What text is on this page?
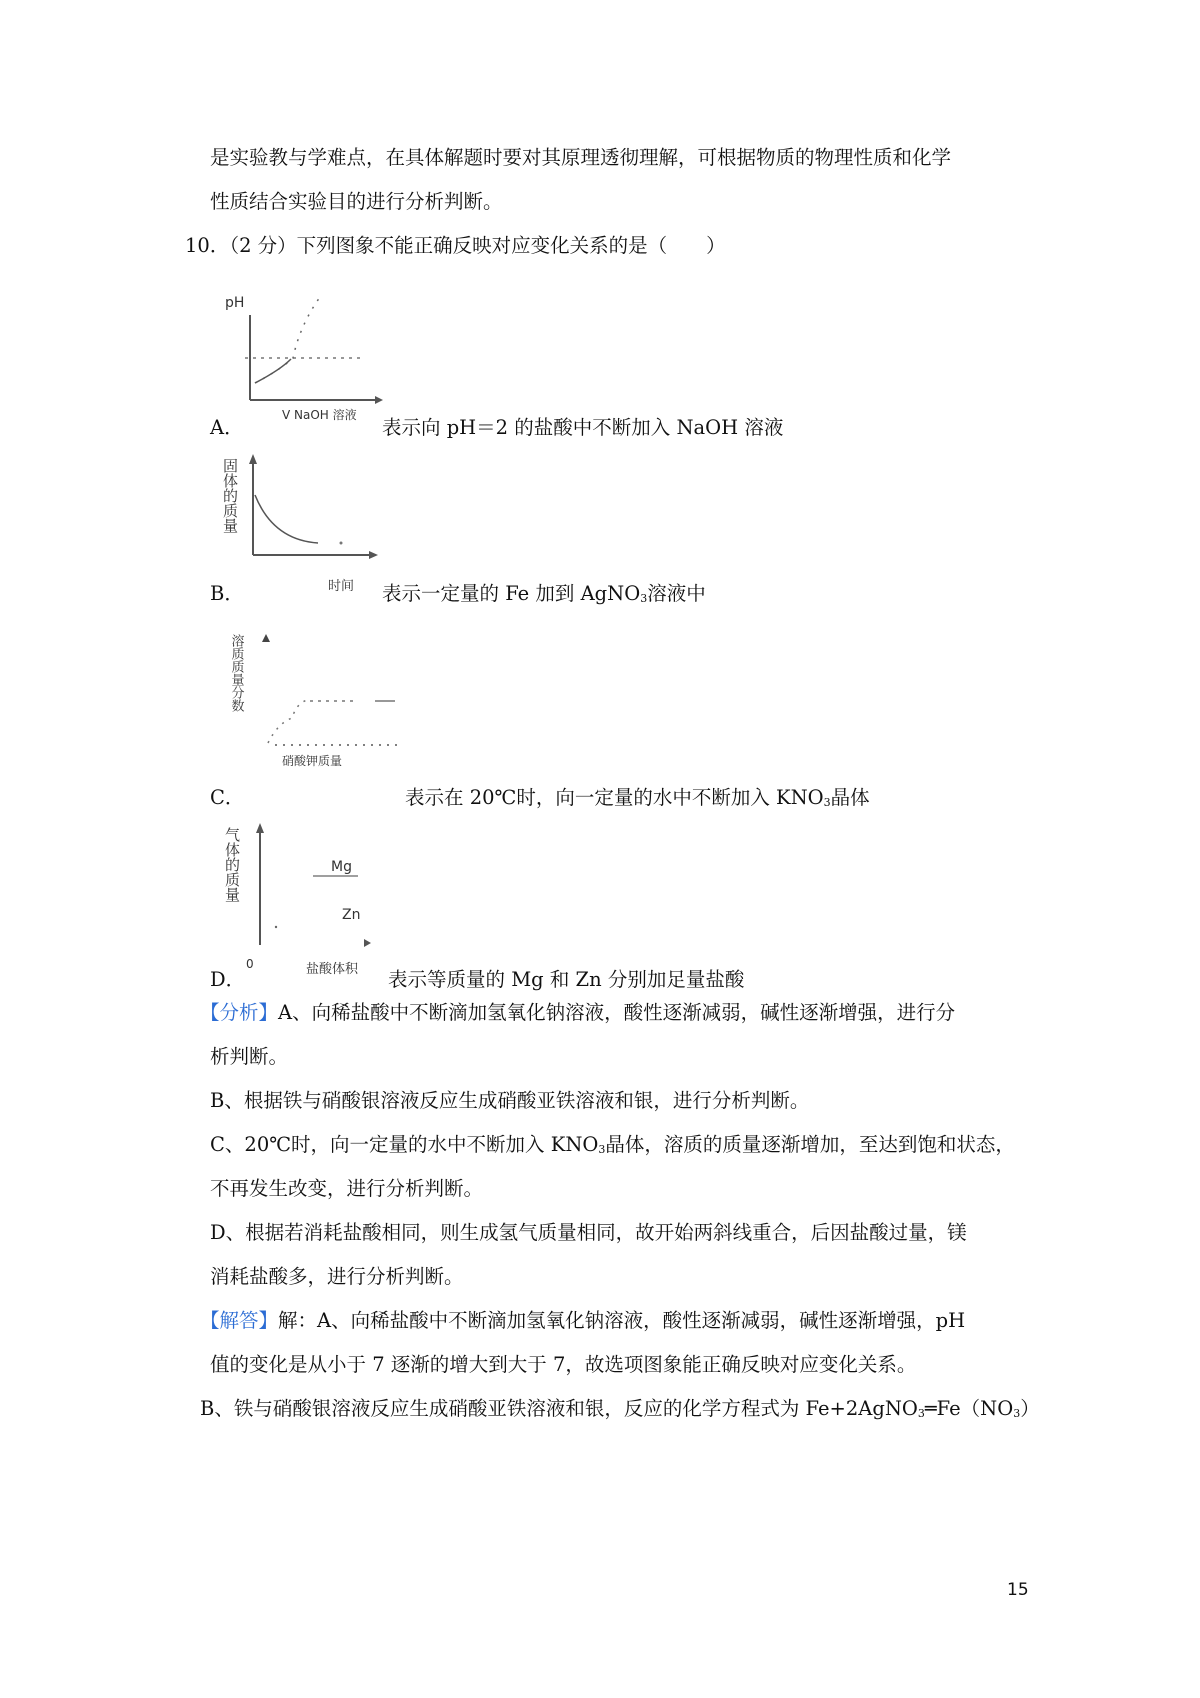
是实验教与学难点，在具体解题时要对其原理透彻理解，可根据物质的物理性质和化学
性质结合实验目的进行分析判断。
10．（2 分）下列图象不能正确反映对应变化关系的是（　　）
pH
V NaOH 溶液
A．	表示向 pH＝2 的盐酸中不断加入 NaOH 溶液
固体的质量
时间
B．	表示一定量的 Fe 加到 AgNO$_3$溶液中
溶质质量分数
硝酸钾质量
C．	表示在 20℃时，向一定量的水中不断加入 $KNO_3$晶体
气体的质量	Mg
Zn
0	盐酸体积
D．	表示等质量的 Mg 和 Zn 分别加足量盐酸
【分析】A、向稀盐酸中不断滴加氢氧化钠溶液，酸性逐渐减弱，碱性逐渐增强，进行分
析判断。
B、根据铁与硝酸银溶液反应生成硝酸亚铁溶液和银，进行分析判断。
C、20℃时，向一定量的水中不断加入 $KNO_3$晶体，溶质的质量逐渐增加，至达到饱和状态，
不再发生改变，进行分析判断。
D、根据若消耗盐酸相同，则生成氢气质量相同，故开始两斜线重合，后因盐酸过量，镁
消耗盐酸多，进行分析判断。
【解答】解：A、向稀盐酸中不断滴加氢氧化钠溶液，酸性逐渐减弱，碱性逐渐增强，pH
值的变化是从小于 7 逐渐的增大到大于 7，故选项图象能正确反映对应变化关系。
B、铁与硝酸银溶液反应生成硝酸亚铁溶液和银，反应的化学方程式为 $Fe+2AgNO_3═Fe(NO_3)$
15
